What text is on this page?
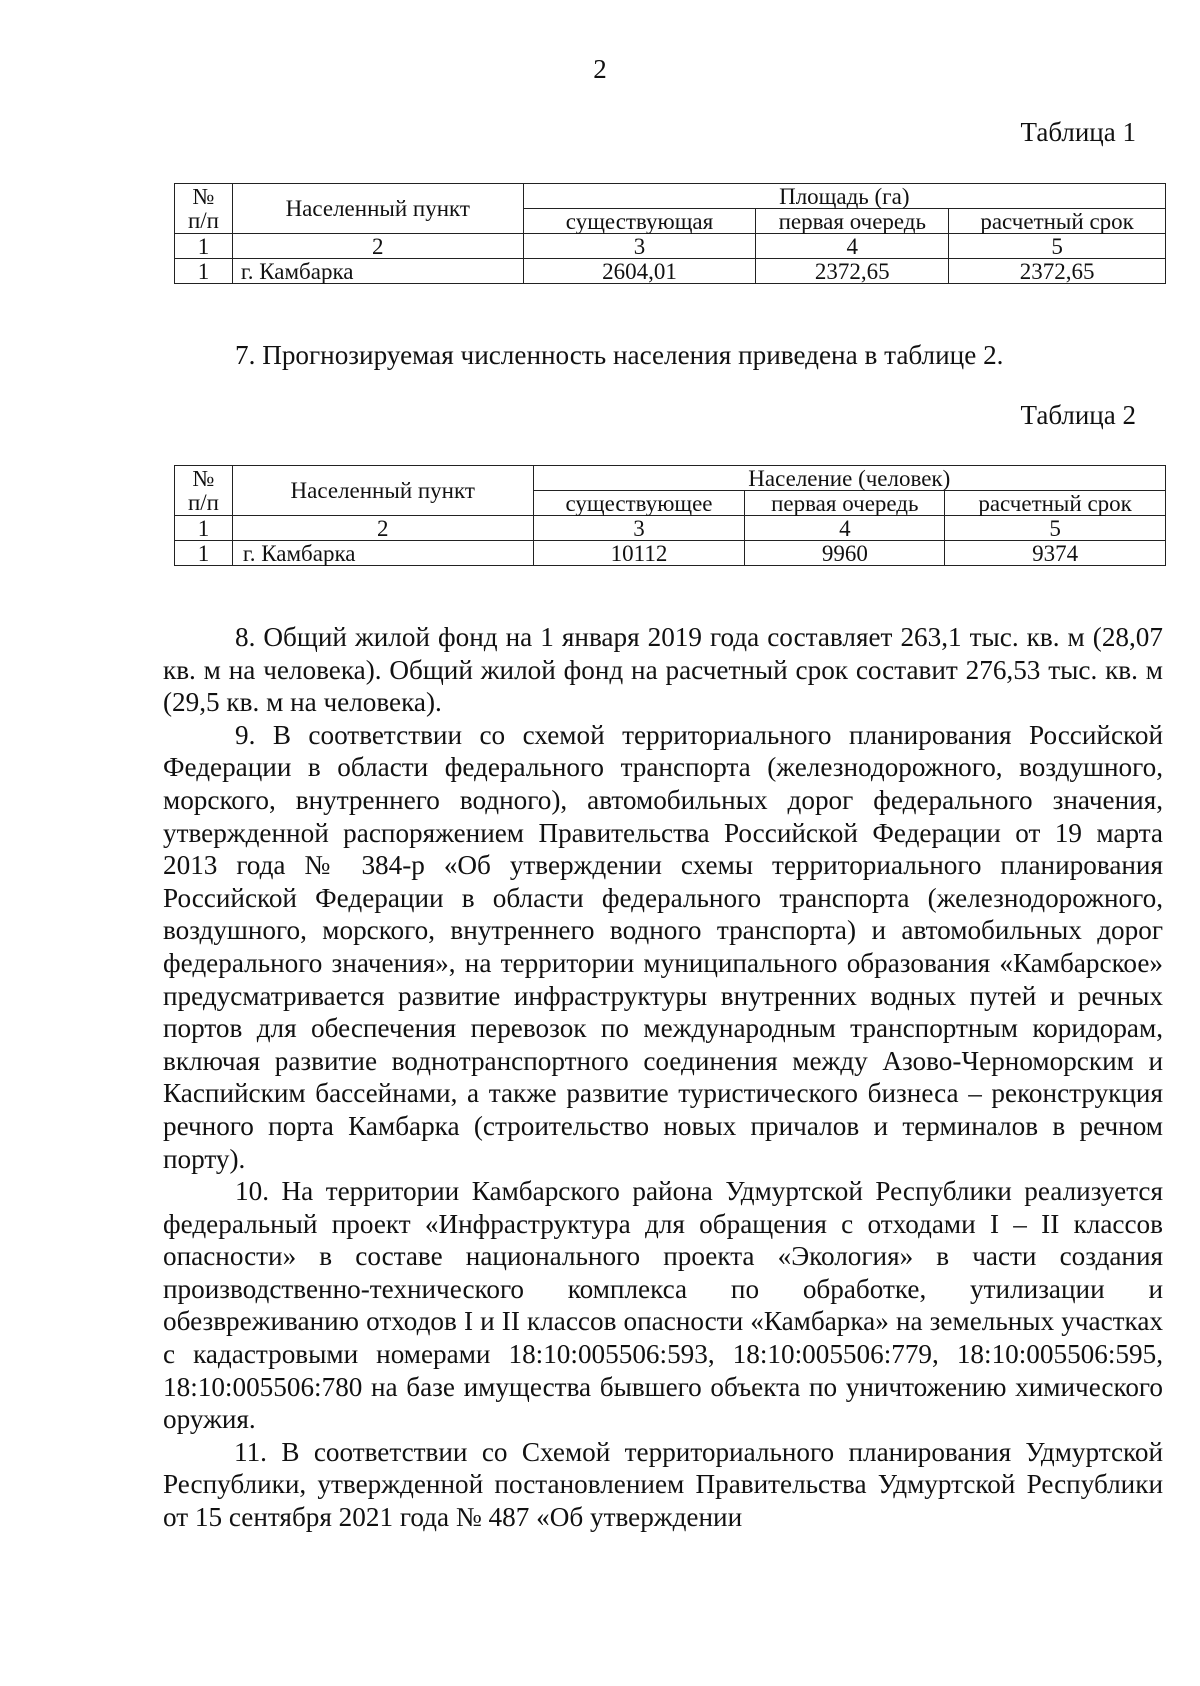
2
Таблица 1
№	Населенный пункт	Площадь (га)		
п/п		существующая	первая очередь	расчетный срок
1	2	3	4	5
1	г. Камбарка	2604,01	2372,65	2372,65

7. Прогнозируемая численность населения приведена в таблице 2.

Таблица 2
№	Населенный пункт	Население (человек)		
п/п		существующее	первая очередь	расчетный срок
1	2	3	4	5
1	г. Камбарка	10112	9960	9374

8. Общий жилой фонд на 1 января 2019 года составляет 263,1 тыс. кв. м (28,07 кв. м на человека). Общий жилой фонд на расчетный срок составит 276,53 тыс. кв. м (29,5 кв. м на человека).

9. В соответствии со схемой территориального планирования Российской Федерации в области федерального транспорта (железнодорожного, воздушного, морского, внутреннего водного), автомобильных дорог федерального значения, утвержденной распоряжением Правительства Российской Федерации от 19 марта 2013 года № 384-р «Об утверждении схемы территориального планирования Российской Федерации в области федерального транспорта (железнодорожного, воздушного, морского, внутреннего водного транспорта) и автомобильных дорог федерального значения», на территории муниципального образования «Камбарское» предусматривается развитие инфраструктуры внутренних водных путей и речных портов для обеспечения перевозок по международным транспортным коридорам, включая развитие воднотранспортного соединения между Азово-Черноморским и Каспийским бассейнами, а также развитие туристического бизнеса – реконструкция речного порта Камбарка (строительство новых причалов и терминалов в речном порту).

10. На территории Камбарского района Удмуртской Республики реализуется федеральный проект «Инфраструктура для обращения с отходами I – II классов опасности» в составе национального проекта «Экология» в части создания производственно-технического комплекса по обработке, утилизации и обезвреживанию отходов I и II классов опасности «Камбарка» на земельных участках с кадастровыми номерами 18:10:005506:593, 18:10:005506:779, 18:10:005506:595, 18:10:005506:780 на базе имущества бывшего объекта по уничтожению химического оружия.

11. В соответствии со Схемой территориального планирования Удмуртской Республики, утвержденной постановлением Правительства Удмуртской Республики от 15 сентября 2021 года № 487 «Об утверждении
